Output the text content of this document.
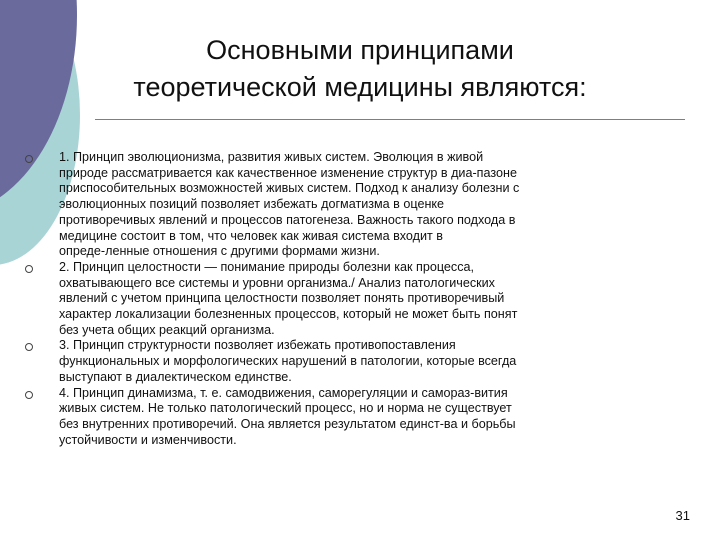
Основными принципами
теоретической медицины являются:
1. Принцип эволюционизма, развития живых систем. Эволюция в живой
природе рассматривается как качественное изменение структур в диа-пазоне
приспособительных возможностей живых систем. Подход к анализу болезни с
эволюционных позиций позволяет избежать догматизма в оценке
противоречивых явлений и процессов патогенеза. Важность такого подхода в
медицине состоит в том, что человек как живая система входит в
опреде-ленные отношения с другими формами жизни.
2. Принцип целостности — понимание природы болезни как процесса,
охватывающего все системы и уровни организма./ Анализ патологических
явлений с учетом принципа целостности позволяет понять противоречивый
характер локализации болезненных процессов, который не может быть понят
без учета общих реакций организма.
3. Принцип структурности позволяет избежать противопоставления
функциональных и морфологических нарушений в патологии, которые всегда
выступают в диалектическом единстве.
4. Принцип динамизма, т. е. самодвижения, саморегуляции и самораз-вития
живых систем. Не только патологический процесс, но и норма не существует
без внутренних противоречий. Она является результатом единст-ва и борьбы
устойчивости и изменчивости.
31
